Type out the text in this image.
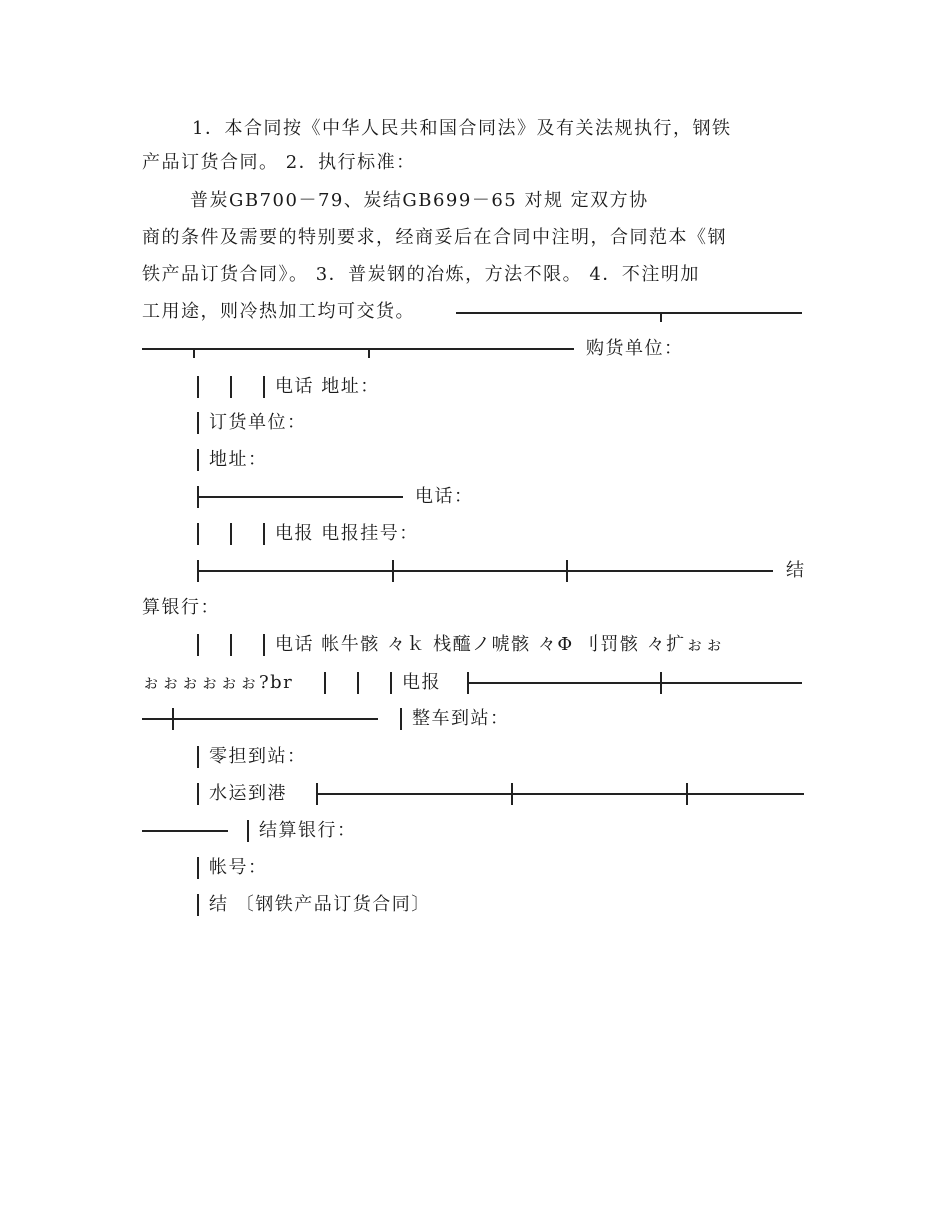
1．本合同按《中华人民共和国合同法》及有关法规执行，钢铁
产品订货合同。 2．执行标准：
普炭GB700－79、炭结GB699－65 对规 定双方协
商的条件及需要的特别要求，经商妥后在合同中注明，合同范本《钢
铁产品订货合同》。 3．普炭钢的冶炼，方法不限。 4．不注明加
工用途，则冷热加工均可交货。
购货单位：
电话 地址：
订货单位：
地址：
电话：
电报 电报挂号：
结
算银行：
电话 帐牛骸 々ｋ 栈醯ノ唬骸 々Φ 刂罚骸 々扩ぉぉ
ぉぉぉぉぉぉ?br	电报
整车到站：
零担到站：
水运到港
结算银行：
帐号：
结 〔钢铁产品订货合同〕
